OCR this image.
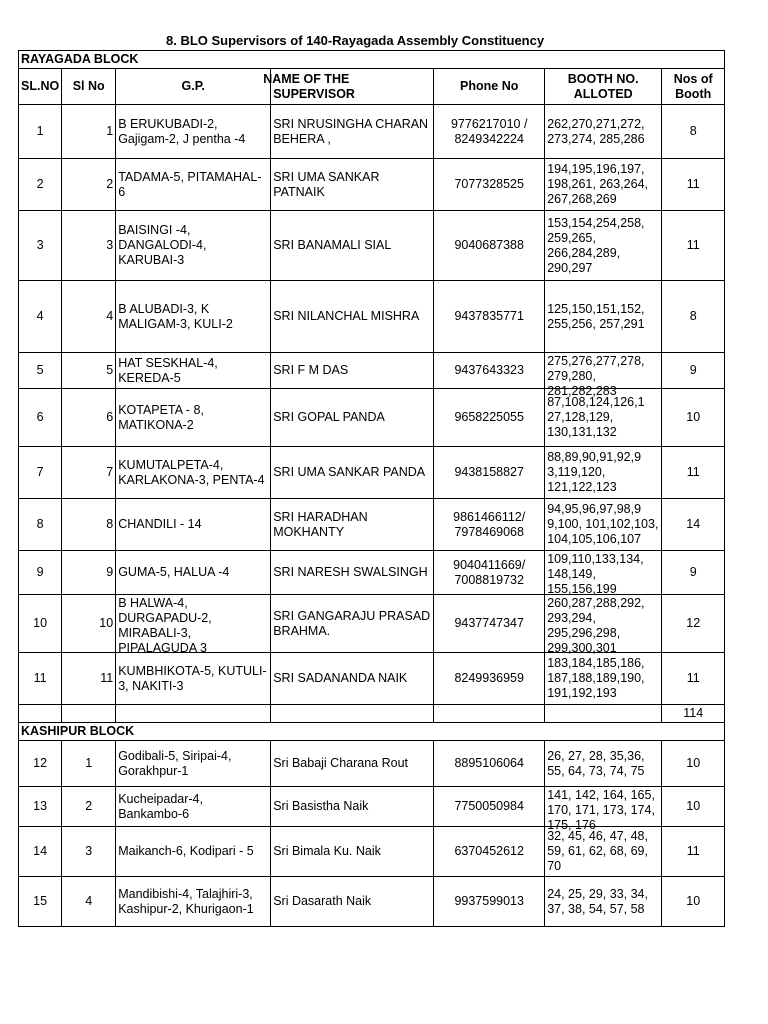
8. BLO Supervisors of 140-Rayagada Assembly Constituency
RAYAGADA BLOCK						
SL.NO	Sl No	G.P.	NAME OF THE SUPERVISOR	Phone No	BOOTH NO. ALLOTED	Nos of Booth

1	1	B ERUKUBADI-2, Gajigam-2, J pentha -4	SRI NRUSINGHA CHARAN BEHERA ,	9776217010 / 8249342224	262,270,271,272, 273,274, 285,286	8

2	2	TADAMA-5, PITAMAHAL-6	SRI UMA SANKAR PATNAIK	7077328525	194,195,196,197, 198,261, 263,264, 267,268,269	11

3	3	BAISINGI -4, DANGALODI-4, KARUBAI-3	SRI BANAMALI SIAL	9040687388	153,154,254,258, 259,265, 266,284,289, 290,297	11

4	4	B ALUBADI-3, K MALIGAM-3, KULI-2	SRI NILANCHAL MISHRA	9437835771	125,150,151,152, 255,256, 257,291	8

5	5	HAT SESKHAL-4, KEREDA-5	SRI F M DAS	9437643323	275,276,277,278, 279,280, 281,282,283	9

6	6	KOTAPETA - 8, MATIKONA-2	SRI GOPAL PANDA	9658225055	87,108,124,126,1 27,128,129, 130,131,132	10

7	7	KUMUTALPETA-4, KARLAKONA-3, PENTA-4	SRI UMA SANKAR PANDA	9438158827	88,89,90,91,92,9 3,119,120, 121,122,123	11

8	8	CHANDILI - 14	SRI HARADHAN MOKHANTY	9861466112/ 7978469068	94,95,96,97,98,9 9,100, 101,102,103, 104,105,106,107	14

9	9	GUMA-5, HALUA -4	SRI NARESH SWALSINGH	9040411669/ 7008819732	109,110,133,134, 148,149, 155,156,199	9

10	10	B HALWA-4, DURGAPADU-2, MIRABALI-3, PIPALAGUDA 3	SRI GANGARAJU PRASAD BRAHMA.	9437747347	260,287,288,292, 293,294, 295,296,298, 299,300,301	12

11	11	KUMBHIKOTA-5, KUTULI-3, NAKITI-3	SRI SADANANDA NAIK	8249936959	183,184,185,186, 187,188,189,190, 191,192,193	11

						114
KASHIPUR BLOCK						

12	1	Godibali-5, Siripai-4, Gorakhpur-1	Sri Babaji Charana Rout	8895106064	26, 27, 28, 35,36, 55, 64, 73, 74, 75	10

13	2	Kucheipadar-4, Bankambo-6	Sri Basistha Naik	7750050984	141, 142, 164, 165, 170, 171, 173, 174, 175, 176	10

14	3	Maikanch-6, Kodipari - 5	Sri Bimala Ku. Naik	6370452612	32, 45, 46, 47, 48, 59, 61, 62, 68, 69, 70	11

15	4	Mandibishi-4, Talajhiri-3, Kashipur-2, Khurigaon-1	Sri Dasarath Naik	9937599013	24, 25, 29, 33, 34, 37, 38, 54, 57, 58	10
